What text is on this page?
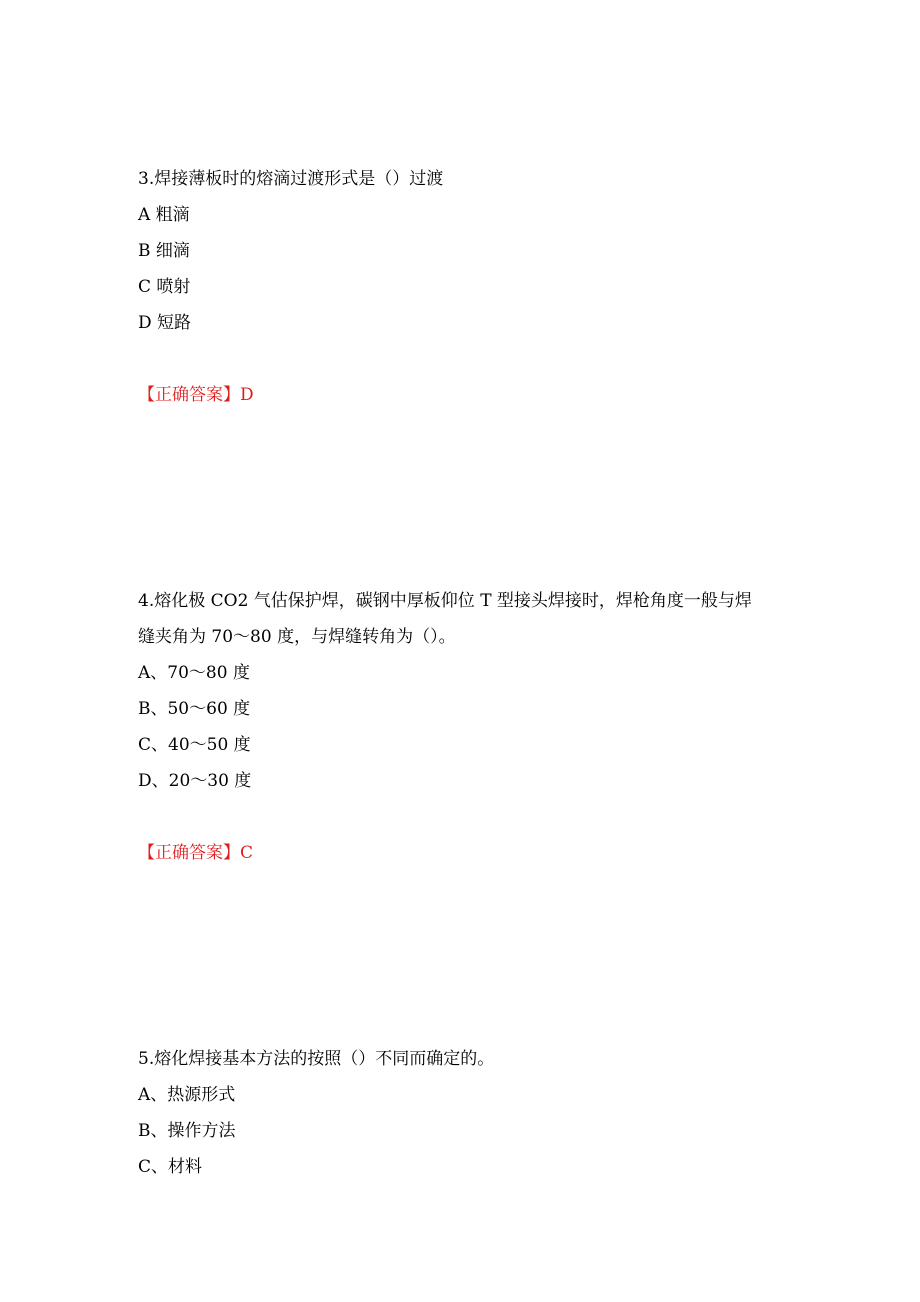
3.焊接薄板时的熔滴过渡形式是（）过渡
A 粗滴
B 细滴
C 喷射
D 短路
【正确答案】D
4.熔化极 CO2 气估保护焊，碳钢中厚板仰位 T 型接头焊接时，焊枪角度一般与焊
缝夹角为 70～80 度，与焊缝转角为（）。
A、70～80 度
B、50～60 度
C、40～50 度
D、20～30 度
【正确答案】C
5.熔化焊接基本方法的按照（）不同而确定的。
A、热源形式
B、操作方法
C、材料
